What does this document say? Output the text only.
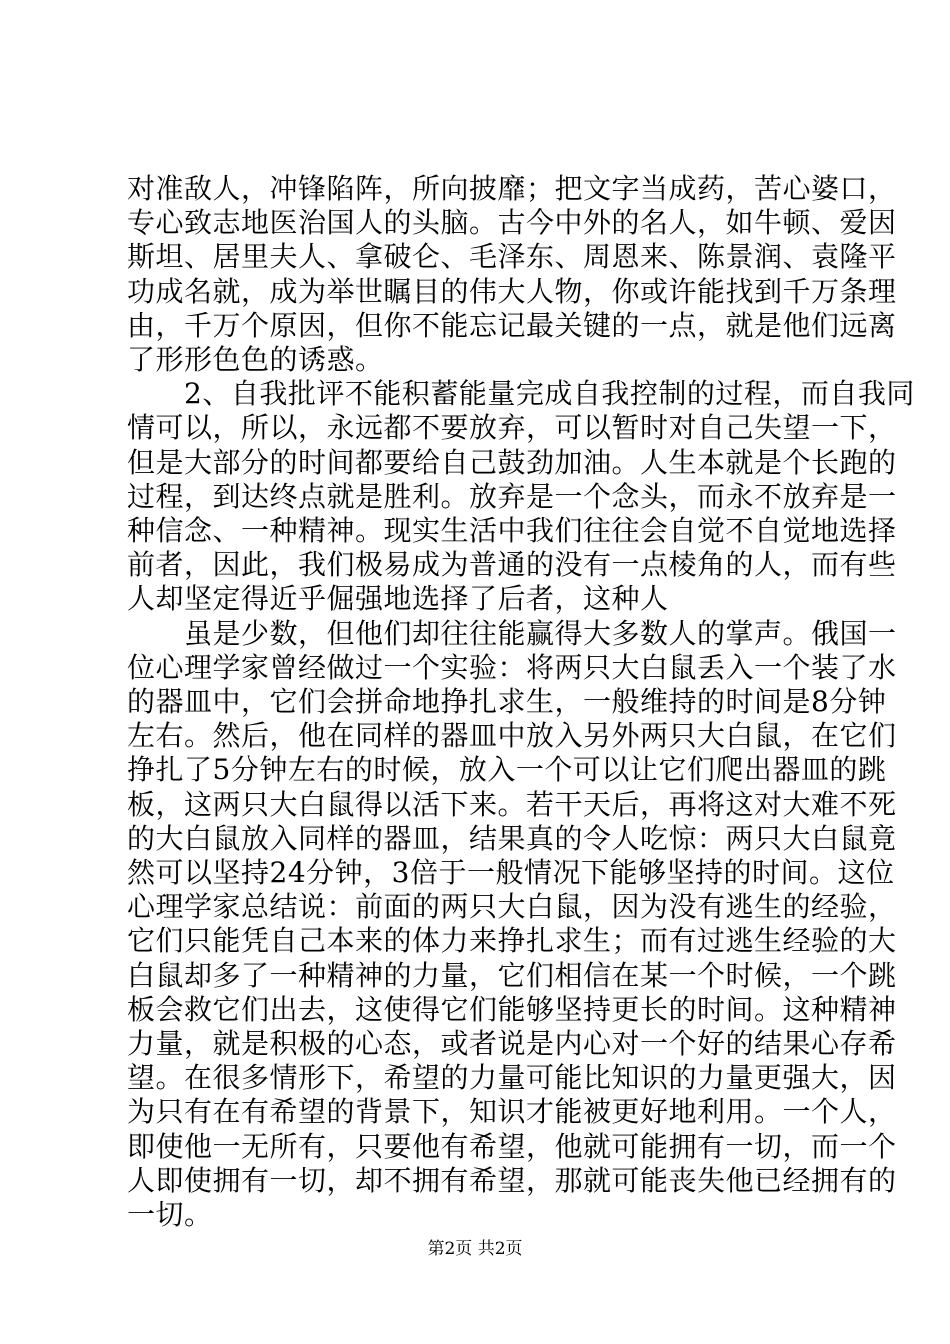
对准敌人，冲锋陷阵，所向披靡；把文字当成药，苦心婆口，
专心致志地医治国人的头脑。古今中外的名人，如牛顿、爱因
斯坦、居里夫人、拿破仑、毛泽东、周恩来、陈景润、袁隆平
功成名就，成为举世瞩目的伟大人物，你或许能找到千万条理
由，千万个原因，但你不能忘记最关键的一点，就是他们远离
了形形色色的诱惑。
　　2、自我批评不能积蓄能量完成自我控制的过程，而自我同
情可以，所以，永远都不要放弃，可以暂时对自己失望一下，
但是大部分的时间都要给自己鼓劲加油。人生本就是个长跑的
过程，到达终点就是胜利。放弃是一个念头，而永不放弃是一
种信念、一种精神。现实生活中我们往往会自觉不自觉地选择
前者，因此，我们极易成为普通的没有一点棱角的人，而有些
人却坚定得近乎倔强地选择了后者，这种人
　　虽是少数，但他们却往往能赢得大多数人的掌声。俄国一
位心理学家曾经做过一个实验：将两只大白鼠丢入一个装了水
的器皿中，它们会拼命地挣扎求生，一般维持的时间是8分钟
左右。然后，他在同样的器皿中放入另外两只大白鼠，在它们
挣扎了5分钟左右的时候，放入一个可以让它们爬出器皿的跳
板，这两只大白鼠得以活下来。若干天后，再将这对大难不死
的大白鼠放入同样的器皿，结果真的令人吃惊：两只大白鼠竟
然可以坚持24分钟，3倍于一般情况下能够坚持的时间。这位
心理学家总结说：前面的两只大白鼠，因为没有逃生的经验，
它们只能凭自己本来的体力来挣扎求生；而有过逃生经验的大
白鼠却多了一种精神的力量，它们相信在某一个时候，一个跳
板会救它们出去，这使得它们能够坚持更长的时间。这种精神
力量，就是积极的心态，或者说是内心对一个好的结果心存希
望。在很多情形下，希望的力量可能比知识的力量更强大，因
为只有在有希望的背景下，知识才能被更好地利用。一个人，
即使他一无所有，只要他有希望，他就可能拥有一切，而一个
人即使拥有一切，却不拥有希望，那就可能丧失他已经拥有的
一切。
第2页 共2页
